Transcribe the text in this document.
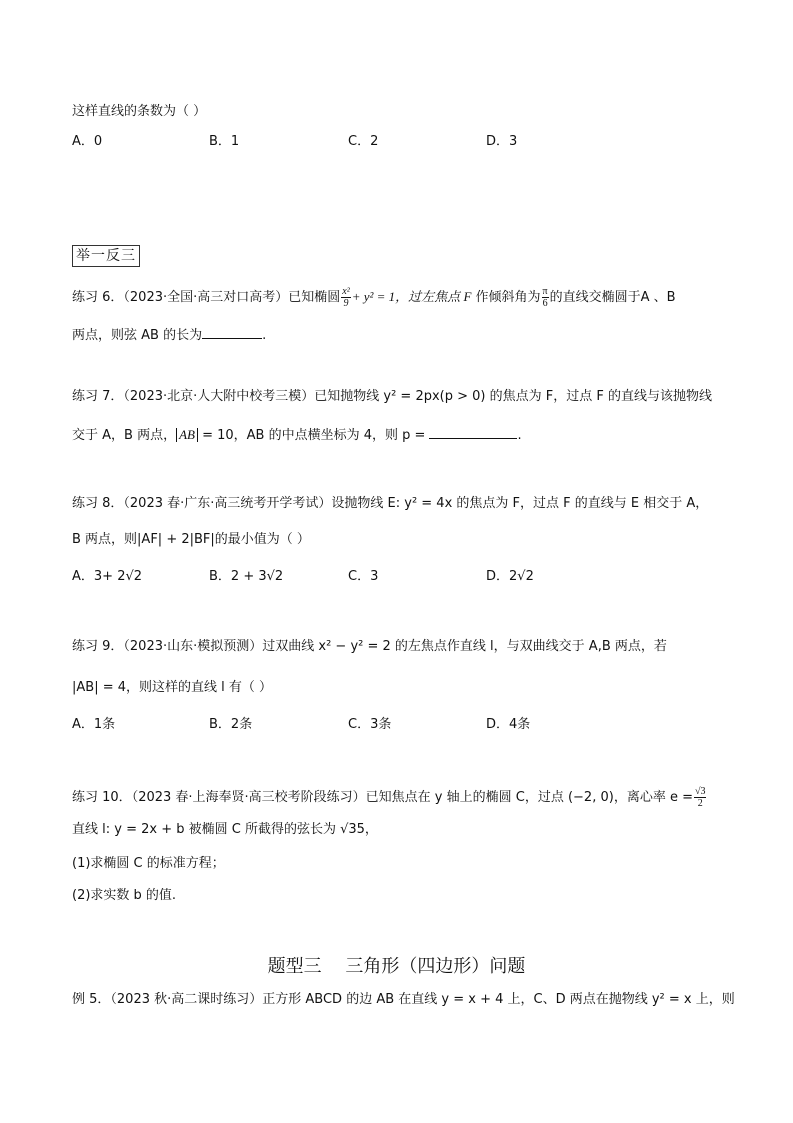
这样直线的条数为（ ）
A．0	B．1	C．2	D．3
举一反三
练习 6．（2023·全国·高三对口高考）已知椭圆 $\frac{\text{x²}}{9} + y^2 = 1$，过左焦点 F 作倾斜角为 $\frac{\pi}{6}$ 的直线交椭圆于A 、B
两点，则弦 AB 的长为	.
练习 7．（2023·北京·人大附中校考三模）已知抛物线 y² = 2px(p > 0) 的焦点为 F，过点 F 的直线与该抛物线
交于 A，B 两点， AB = 10，AB 的中点横坐标为 4，则 p =	.
练习 8．（2023 春·广东·高三统考开学考试）设抛物线 E: y² = 4x 的焦点为 F，过点 F 的直线与 E 相交于 A，
B 两点，则|AF| + 2|BF|的最小值为（ ）
A．3+ 2√2	B．2 + 3√2	C．3	D．2√2
练习 9．（2023·山东·模拟预测）过双曲线 x² − y² = 2 的左焦点作直线 l，与双曲线交于 A,B 两点，若
|AB| = 4，则这样的直线 l 有（ ）
A．1条	B．2条	C．3条	D．4条
练习 10．（2023 春·上海奉贤·高三校考阶段练习）已知焦点在 y 轴上的椭圆 C，过点 (−2, 0)，离心率 $e = \frac{√3}{2}$
直线 l: y = 2x + b 被椭圆 C 所截得的弦长为 √35，
(1)求椭圆 C 的标准方程；
(2)求实数 b 的值.
题型三　 三角形（四边形）问题
例 5．（2023 秋·高二课时练习）正方形 ABCD 的边 AB 在直线 y = x + 4 上，C、D 两点在抛物线 y² = x 上，则
